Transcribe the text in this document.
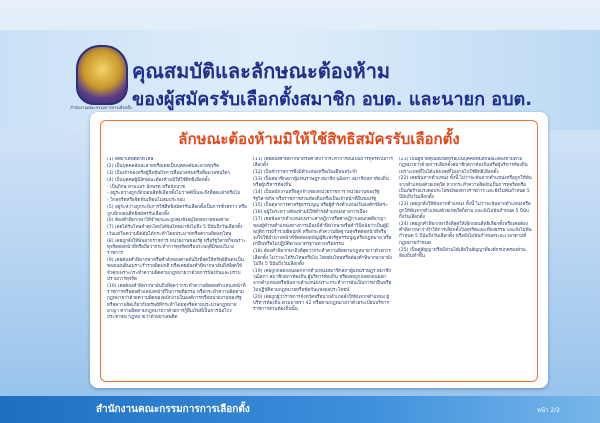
สำนักงานคณะกรรมการการเลือกตั้ง
คุณสมบัติและลักษณะต้องห้าม
ของผู้สมัครรับเลือกตั้งสมาชิก อบต. และนายก อบต.
ลักษณะต้องห้ามมิให้ใช้สิทธิสมัครรับเลือกตั้ง
(1) ติดยาเสพติดให้โทษ
(2) เป็นบุคคลล้มละลายหรือเคยเป็นบุคคลล้มละลายทุจริต
(3) เป็นเจ้าของหรือผู้ถือหุ้นกิจการสื่อมวลชนหรือสื่อมวลชนใดๆ
(4) เป็นบุคคลผู้มีลักษณะต้องห้ามมิให้ใช้สิทธิเลือกตั้ง
- เป็นภิกษุ สามเณร นักพรต หรือนักบวช
- อยู่ระหว่างถูกเพิกถอนสิทธิเลือกตั้งไม่ว่าคดีนั้นจะถึงที่สุดแล้วหรือไม่
- วิกลจริตหรือจิตฟั่นเฟือนไม่สมประกอบ
(5) อยู่ระหว่างถูกระงับการใช้สิทธิสมัครรับเลือกตั้งเป็นการชั่วคราว หรือถูกเพิกถอนสิทธิสมัครรับเลือกตั้ง
(6) ต้องคำพิพากษาให้จำคุกและถูกคุมขังอยู่โดยหมายของศาล
(7) เคยได้รับโทษจำคุกโดยได้พ้นโทษมายังไม่ถึง 5 ปีนับถึงวันเลือกตั้ง เว้นแต่ในความผิดอันได้กระทำโดยประมาทหรือความผิดลหุโทษ
(8) เคยถูกสั่งให้พ้นจากราชการ หน่วยงานของรัฐ หรือรัฐวิสาหกิจเพราะทุจริตต่อหน้าที่หรือถือว่ากระทำการทุจริตหรือประพฤติมิชอบในวงราชการ
(9) เคยต้องคำพิพากษาหรือคำสั่งของศาลอันถึงที่สุดให้ทรัพย์สินตกเป็นของแผ่นดินเพราะร่ำรวยผิดปกติ หรือเคยต้องคำพิพากษาอันถึงที่สุดให้จำคุกเพราะกระทำความผิดตามกฎหมายว่าด้วยการป้องกันและปราบปรามการทุจริต
(10) เคยต้องคำพิพากษาอันถึงที่สุดว่ากระทำความผิดต่อตำแหน่งหน้าที่ราชการหรือต่อตำแหน่งหน้าที่ในการยุติธรรม หรือกระทำความผิดตามกฎหมายว่าด้วยความผิดของพนักงานในองค์การหรือหน่วยงานของรัฐ หรือความผิดเกี่ยวกับทรัพย์ที่กระทำโดยทุจริตตามประมวลกฎหมายอาญา ความผิดตามกฎหมายว่าด้วยการกู้ยืมเงินที่เป็นการฉ้อโกงประชาชน กฎหมายว่าด้วยยาเสพติด
(11) เคยต้องคำพิพากษาหรือคำสั่งว่ากระทำการอันเป็นการทุจริตในการเลือกตั้ง
(12) เป็นข้าราชการซึ่งมีตำแหน่งหรือเงินเดือนประจำ
(13) เป็นสมาชิกสภาผู้แทนราษฎร สมาชิกวุฒิสภา สมาชิกสภาท้องถิ่น หรือผู้บริหารท้องถิ่น
(14) เป็นพนักงานหรือลูกจ้างของหน่วยราชการ หน่วยงานของรัฐ รัฐวิสาหกิจ หรือราชการส่วนท้องถิ่นหรือเป็นเจ้าหน้าที่อื่นของรัฐ
(15) เป็นตุลาการศาลรัฐธรรมนูญ หรือผู้ดำรงตำแหน่งในองค์กรอิสระ
(16) อยู่ในระหว่างต้องห้ามมิให้ดำรงตำแหน่งทางการเมือง
(17) เคยพ้นจากตำแหน่งเพราะศาลฎีกาหรือศาลฎีกาแผนกคดีอาญาของผู้ดำรงตำแหน่งทางการเมืองมีคำพิพากษาหรือคำวินิจฉัยว่าเป็นผู้มีพฤติการณ์ร่ำรวยผิดปกติ หรือกระทำความผิดฐานทุจริตต่อหน้าที่หรือจงใจใช้อำนาจหน้าที่ขัดต่อบทบัญญัติแห่งรัฐธรรมนูญหรือกฎหมาย หรือฝ่าฝืนหรือไม่ปฏิบัติตามมาตรฐานทางจริยธรรม
(18) ต้องคำพิพากษาถึงที่สุดว่ากระทำความผิดตามกฎหมายว่าด้วยการเลือกตั้ง ไม่ว่าจะได้รับโทษหรือไม่ โดยพ้นโทษหรือต้องคำพิพากษามายังไม่ถึง 5 ปีนับถึงวันเลือกตั้ง
(19) เคยถูกถอดถอนออกจากตำแหน่งสมาชิกสภาผู้แทนราษฎร สมาชิกวุฒิสภา สมาชิกสภาท้องถิ่น ผู้บริหารท้องถิ่น หรือเคยถูกถอดถอนออกจากตำแหน่งหรือพ้นจากตำแหน่งเพราะกระทำการอันเป็นการฝ่าฝืนหรือไม่ปฏิบัติตามกฎหมายหรือขัดกันแห่งผลประโยชน์
(20) เคยถูกผู้ว่าราชการจังหวัดหรือนายอำเภอสั่งให้พ้นจากตำแหน่ง ผู้บริหารท้องถิ่น ตามมาตรา 42 หรือตามกฎหมายว่าด้วยระเบียบบริหารราชการส่วนท้องถิ่นนั้น
(21) เป็นผู้ขาดคุณสมบัติหรือเป็นบุคคลที่มีลักษณะต้องห้ามตามกฎหมายว่าด้วยการเลือกตั้งสมาชิกสภาท้องถิ่นหรือผู้บริหารท้องถิ่นเพราะเหตุที่ไม่ได้แจ้งเหตุที่ไม่อาจไปใช้สิทธิเลือกตั้ง
(22) เคยพ้นจากตำแหน่ง ทั้งนี้ ไม่ว่าจะพ้นจากตำแหน่งหรือถูกให้พ้นจากตำแหน่งด้วยเหตุใด หากกระทำความผิดอันเป็นการทุจริตหรือเป็นภัยร้ายแรงต่อประโยชน์ของทางราชการ และยังไม่พ้นกำหนด 5 ปีนับถึงวันเลือกตั้ง
(23) เคยถูกสั่งให้พ้นจากตำแหน่ง ทั้งนี้ ไม่ว่าจะพ้นจากตำแหน่งหรือถูกให้พ้นจากตำแหน่งด้วยเหตุใดก็ตาม และยังไม่พ้นกำหนด 5 ปีนับถึงวันเลือกตั้ง
(24) เคยถูกคำพิพากษาถึงที่สุดให้เพิกถอนสิทธิเลือกตั้งหรือเคยต้องคำพิพากษาว่าทำให้การเลือกตั้งไม่สุจริตและเที่ยงธรรม และยังไม่พ้นกำหนด 5 ปีนับถึงวันเลือกตั้ง หรือยังไม่พ้นกำหนดระยะเวลาตามที่กฎหมายกำหนด
(25) เป็นคู่สัญญาหรือมีส่วนได้เสียในสัญญาที่องค์กรปกครองส่วนท้องถิ่นทำขึ้น
สำนักงานคณะกรรมการการเลือกตั้ง	หน้า 2/2
